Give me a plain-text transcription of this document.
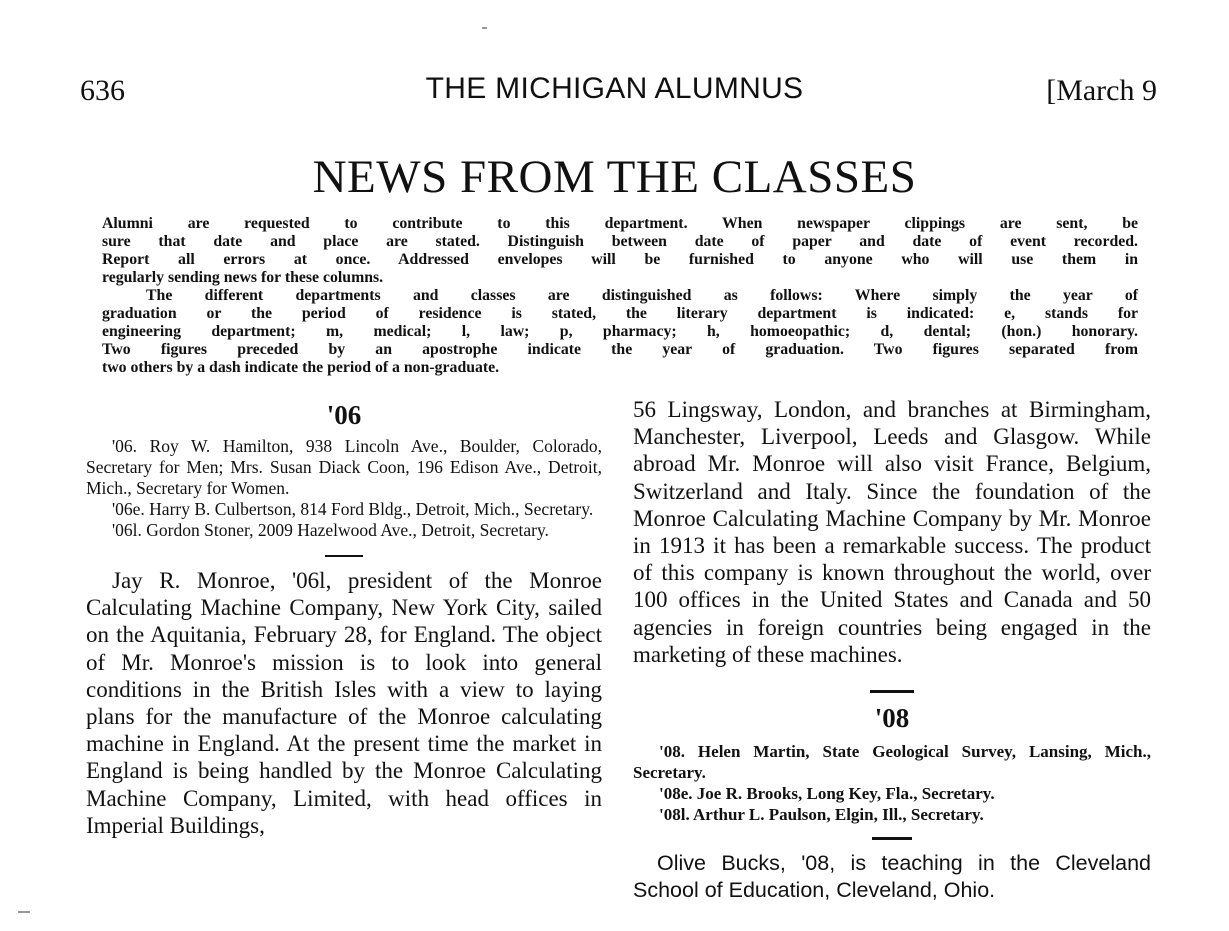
636	THE MICHIGAN ALUMNUS	[March 9
NEWS FROM THE CLASSES

Alumni are requested to contribute to this department. When newspaper clippings are sent, be

sure that date and place are stated. Distinguish between date of paper and date of event recorded.

Report all errors at once. Addressed envelopes will be furnished to anyone who will use them in

regularly sending news for these columns.

The different departments and classes are distinguished as follows: Where simply the year of

graduation or the period of residence is stated, the literary department is indicated: e, stands for

engineering department; m, medical; l, law; p, pharmacy; h, homoeopathic; d, dental; (hon.) honorary.

Two figures preceded by an apostrophe indicate the year of graduation. Two figures separated from

two others by a dash indicate the period of a non-graduate.

'06

'06. Roy W. Hamilton, 938 Lincoln Ave., Boulder, Colorado, Secretary for Men; Mrs. Susan Diack Coon, 196 Edison Ave., Detroit, Mich., Secretary for Women.

'06e. Harry B. Culbertson, 814 Ford Bldg., Detroit, Mich., Secretary.

'06l. Gordon Stoner, 2009 Hazelwood Ave., Detroit, Secretary.

Jay R. Monroe, '06l, president of the Monroe Calculating Machine Company, New York City, sailed on the Aquitania, February 28, for England. The object of Mr. Monroe's mission is to look into general conditions in the British Isles with a view to laying plans for the manufacture of the Monroe calculating machine in England. At the present time the market in England is being handled by the Monroe Calculating Machine Company, Limited, with head offices in Imperial Buildings,

56 Lingsway, London, and branches at Birmingham, Manchester, Liverpool, Leeds and Glasgow. While abroad Mr. Monroe will also visit France, Belgium, Switzerland and Italy. Since the foundation of the Monroe Calculating Machine Company by Mr. Monroe in 1913 it has been a remarkable success. The product of this company is known throughout the world, over 100 offices in the United States and Canada and 50 agencies in foreign countries being engaged in the marketing of these machines.

'08

'08. Helen Martin, State Geological Survey, Lansing, Mich., Secretary.

'08e. Joe R. Brooks, Long Key, Fla., Secretary.

'08l. Arthur L. Paulson, Elgin, Ill., Secretary.

Olive Bucks, '08, is teaching in the Cleveland School of Education, Cleveland, Ohio.
